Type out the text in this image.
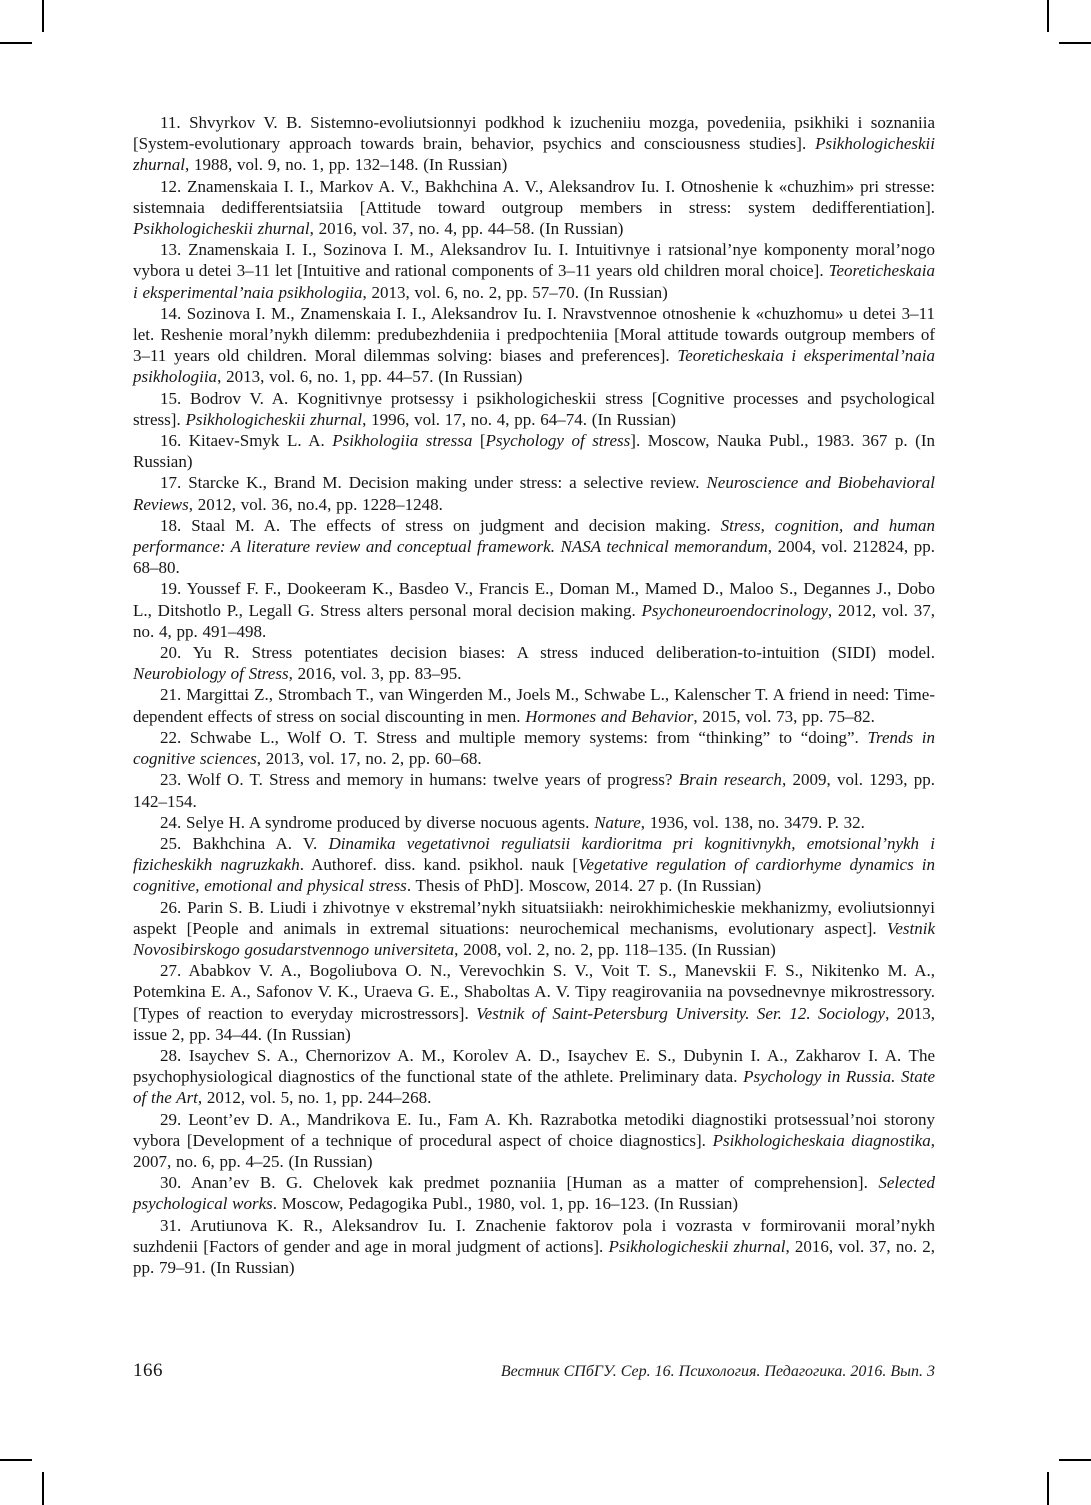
11. Shvyrkov V. B. Sistemno-evoliutsionnyi podkhod k izucheniiu mozga, povedeniia, psikhiki i soznaniia [System-evolutionary approach towards brain, behavior, psychics and consciousness studies]. Psikhologicheskii zhurnal, 1988, vol. 9, no. 1, pp. 132–148. (In Russian)

12. Znamenskaia I. I., Markov A. V., Bakhchina A. V., Aleksandrov Iu. I. Otnoshenie k «chuzhim» pri stresse: sistemnaia dedifferentsiatsiia [Attitude toward outgroup members in stress: system dedifferentiation]. Psikhologicheskii zhurnal, 2016, vol. 37, no. 4, pp. 44–58. (In Russian)

13. Znamenskaia I. I., Sozinova I. M., Aleksandrov Iu. I. Intuitivnye i ratsional’nye komponenty moral’nogo vybora u detei 3–11 let [Intuitive and rational components of 3–11 years old children moral choice]. Teoreticheskaia i eksperimental’naia psikhologiia, 2013, vol. 6, no. 2, pp. 57–70. (In Russian)

14. Sozinova I. M., Znamenskaia I. I., Aleksandrov Iu. I. Nravstvennoe otnoshenie k «chuzhomu» u detei 3–11 let. Reshenie moral’nykh dilemm: predubezhdeniia i predpochteniia [Moral attitude towards outgroup members of 3–11 years old children. Moral dilemmas solving: biases and preferences]. Teoreticheskaia i eksperimental’naia psikhologiia, 2013, vol. 6, no. 1, pp. 44–57. (In Russian)

15. Bodrov V. A. Kognitivnye protsessy i psikhologicheskii stress [Cognitive processes and psychological stress]. Psikhologicheskii zhurnal, 1996, vol. 17, no. 4, pp. 64–74. (In Russian)

16. Kitaev-Smyk L. A. Psikhologiia stressa [Psychology of stress]. Moscow, Nauka Publ., 1983. 367 p. (In Russian)

17. Starcke K., Brand M. Decision making under stress: a selective review. Neuroscience and Biobehavioral Reviews, 2012, vol. 36, no.4, pp. 1228–1248.

18. Staal M. A. The effects of stress on judgment and decision making. Stress, cognition, and human performance: A literature review and conceptual framework. NASA technical memorandum, 2004, vol. 212824, pp. 68–80.

19. Youssef F. F., Dookeeram K., Basdeo V., Francis E., Doman M., Mamed D., Maloo S., Degannes J., Dobo L., Ditshotlo P., Legall G. Stress alters personal moral decision making. Psychoneuroendocrinology, 2012, vol. 37, no. 4, pp. 491–498.

20. Yu R. Stress potentiates decision biases: A stress induced deliberation-to-intuition (SIDI) model. Neurobiology of Stress, 2016, vol. 3, pp. 83–95.

21. Margittai Z., Strombach T., van Wingerden M., Joels M., Schwabe L., Kalenscher T. A friend in need: Time-dependent effects of stress on social discounting in men. Hormones and Behavior, 2015, vol. 73, pp. 75–82.

22. Schwabe L., Wolf O. T. Stress and multiple memory systems: from “thinking” to “doing”. Trends in cognitive sciences, 2013, vol. 17, no. 2, pp. 60–68.

23. Wolf O. T. Stress and memory in humans: twelve years of progress? Brain research, 2009, vol. 1293, pp. 142–154.

24. Selye H. A syndrome produced by diverse nocuous agents. Nature, 1936, vol. 138, no. 3479. P. 32.

25. Bakhchina A. V. Dinamika vegetativnoi reguliatsii kardioritma pri kognitivnykh, emotsional’nykh i fizicheskikh nagruzkakh. Authoref. diss. kand. psikhol. nauk [Vegetative regulation of cardiorhyme dynamics in cognitive, emotional and physical stress. Thesis of PhD]. Moscow, 2014. 27 p. (In Russian)

26. Parin S. B. Liudi i zhivotnye v ekstremal’nykh situatsiiakh: neirokhimicheskie mekhanizmy, evoliutsionnyi aspekt [People and animals in extremal situations: neurochemical mechanisms, evolutionary aspect]. Vestnik Novosibirskogo gosudarstvennogo universiteta, 2008, vol. 2, no. 2, pp. 118–135. (In Russian)

27. Ababkov V. A., Bogoliubova O. N., Verevochkin S. V., Voit T. S., Manevskii F. S., Nikitenko M. A., Potemkina E. A., Safonov V. K., Uraeva G. E., Shaboltas A. V. Tipy reagirovaniia na povsednevnye mikrostressory. [Types of reaction to everyday microstressors]. Vestnik of Saint-Petersburg University. Ser. 12. Sociology, 2013, issue 2, pp. 34–44. (In Russian)

28. Isaychev S. A., Chernorizov A. M., Korolev A. D., Isaychev E. S., Dubynin I. A., Zakharov I. A. The psychophysiological diagnostics of the functional state of the athlete. Preliminary data. Psychology in Russia. State of the Art, 2012, vol. 5, no. 1, pp. 244–268.

29. Leont’ev D. A., Mandrikova E. Iu., Fam A. Kh. Razrabotka metodiki diagnostiki protsessual’noi storony vybora [Development of a technique of procedural aspect of choice diagnostics]. Psikhologicheskaia diagnostika, 2007, no. 6, pp. 4–25. (In Russian)

30. Anan’ev B. G. Chelovek kak predmet poznaniia [Human as a matter of comprehension]. Selected psychological works. Moscow, Pedagogika Publ., 1980, vol. 1, pp. 16–123. (In Russian)

31. Arutiunova K. R., Aleksandrov Iu. I. Znachenie faktorov pola i vozrasta v formirovanii moral’nykh suzhdenii [Factors of gender and age in moral judgment of actions]. Psikhologicheskii zhurnal, 2016, vol. 37, no. 2, pp. 79–91. (In Russian)

166	Вестник СПбГУ. Сер. 16. Психология. Педагогика. 2016. Вып. 3
